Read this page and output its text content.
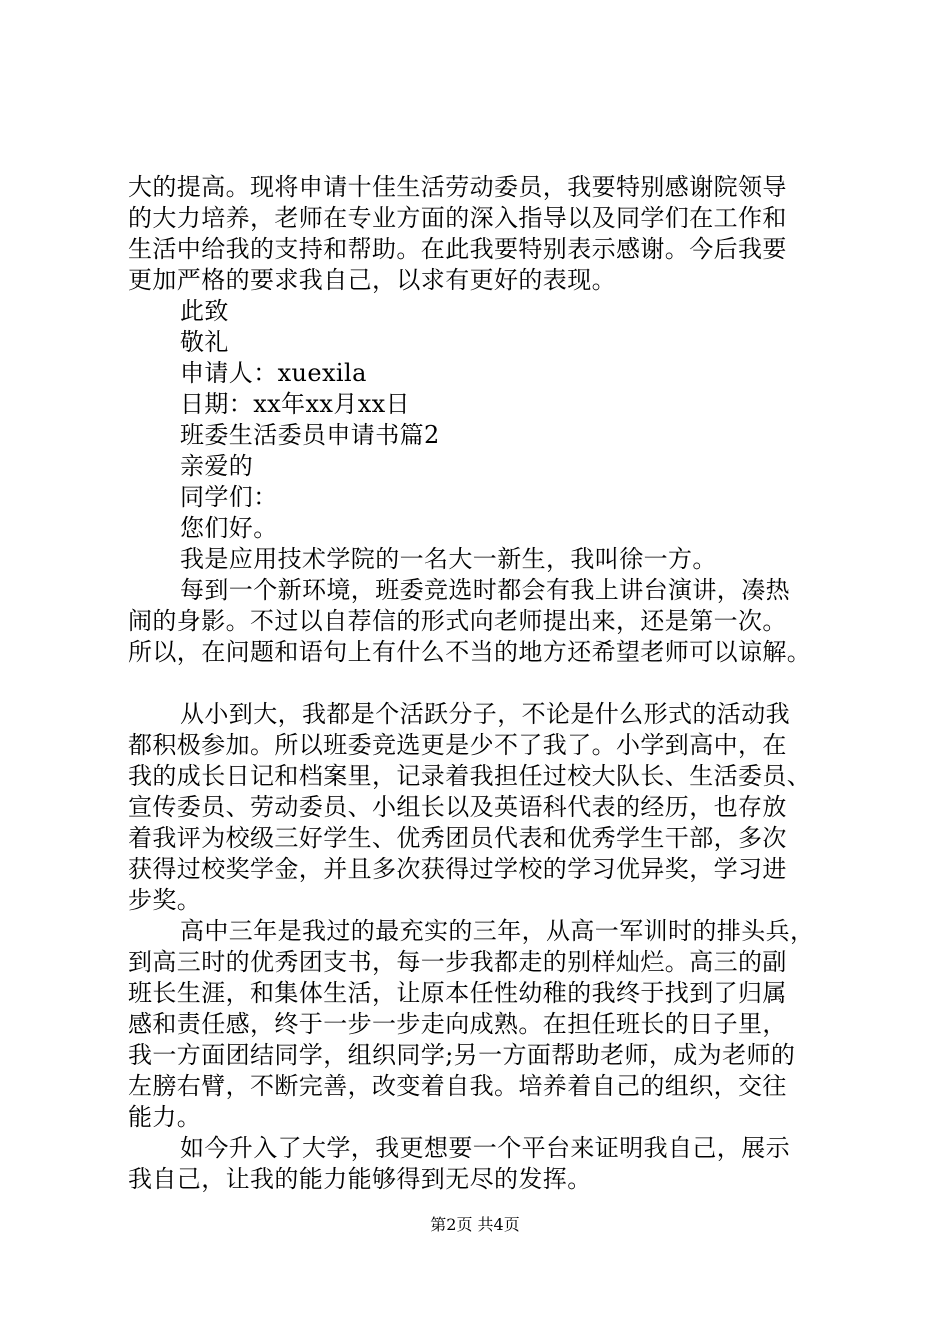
大的提高。现将申请十佳生活劳动委员，我要特别感谢院领导
的大力培养，老师在专业方面的深入指导以及同学们在工作和
生活中给我的支持和帮助。在此我要特别表示感谢。今后我要
更加严格的要求我自己，以求有更好的表现。
此致
敬礼
申请人：xuexila
日期：xx年xx月xx日
班委生活委员申请书篇2
亲爱的
同学们：
您们好。
我是应用技术学院的一名大一新生，我叫徐一方。
每到一个新环境，班委竞选时都会有我上讲台演讲，凑热
闹的身影。不过以自荐信的形式向老师提出来，还是第一次。
所以，在问题和语句上有什么不当的地方还希望老师可以谅解。
从小到大，我都是个活跃分子，不论是什么形式的活动我
都积极参加。所以班委竞选更是少不了我了。小学到高中，在
我的成长日记和档案里，记录着我担任过校大队长、生活委员、
宣传委员、劳动委员、小组长以及英语科代表的经历，也存放
着我评为校级三好学生、优秀团员代表和优秀学生干部，多次
获得过校奖学金，并且多次获得过学校的学习优异奖，学习进
步奖。
高中三年是我过的最充实的三年，从高一军训时的排头兵，
到高三时的优秀团支书，每一步我都走的别样灿烂。高三的副
班长生涯，和集体生活，让原本任性幼稚的我终于找到了归属
感和责任感，终于一步一步走向成熟。在担任班长的日子里，
我一方面团结同学，组织同学;另一方面帮助老师，成为老师的
左膀右臂，不断完善，改变着自我。培养着自己的组织，交往
能力。
如今升入了大学，我更想要一个平台来证明我自己，展示
我自己，让我的能力能够得到无尽的发挥。
第2页 共4页
